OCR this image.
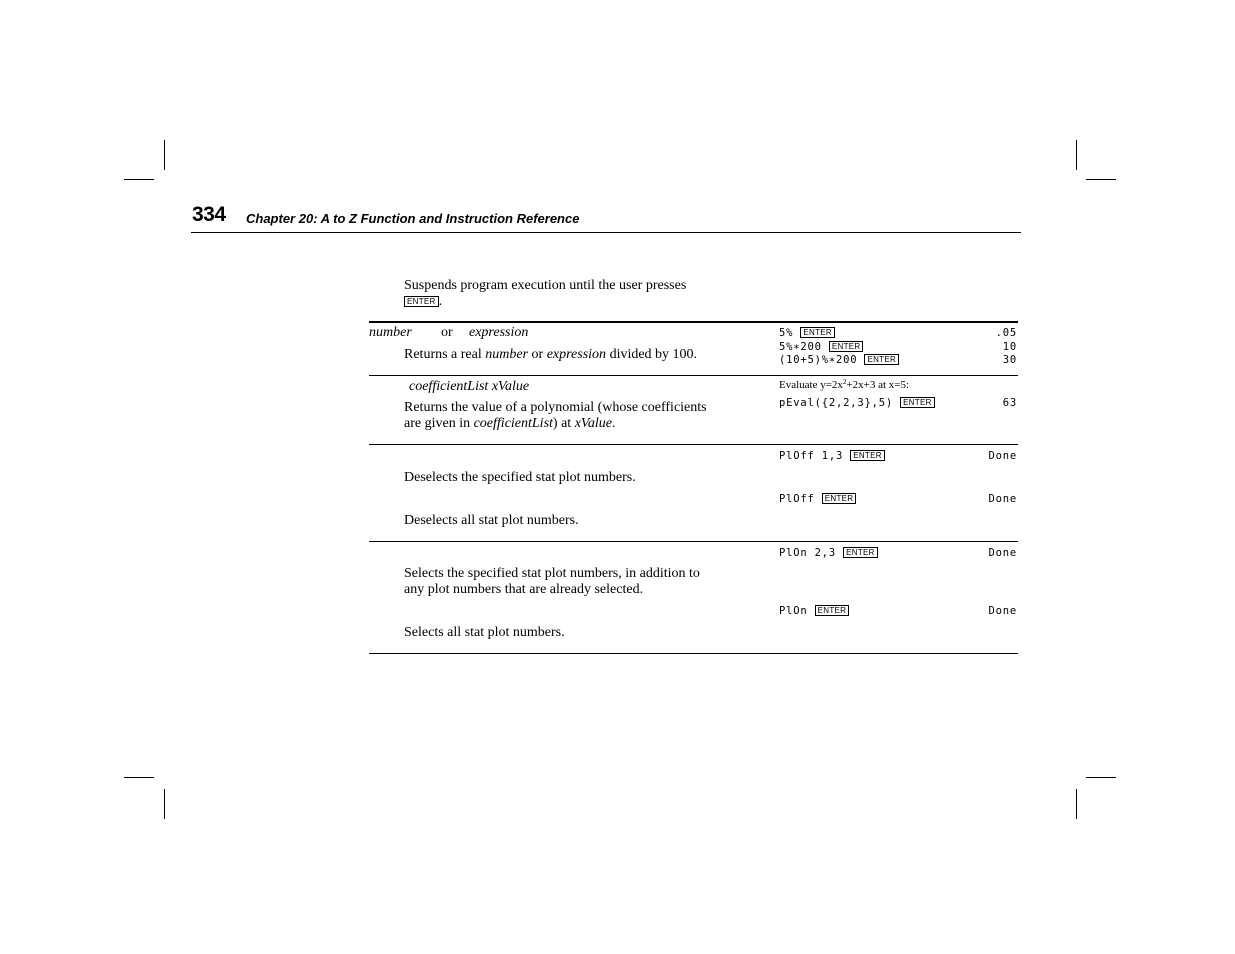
334 Chapter 20: A to Z Function and Instruction Reference
Suspends program execution until the user presses
ENTER .
number or expression
Returns a real number or expression divided by 100.
5% ENTER	.05
5%∗200 ENTER	10
(10+5)%∗200 ENTER	30
coefficientList xValue
Returns the value of a polynomial (whose coefficients
are given in coefficientList) at xValue.
Evaluate $y=2x^2+2x+3$ at x=5:
pEval({2,2,3},5) ENTER	63
PlOff 1,3 ENTER	Done
Deselects the specified stat plot numbers.
PlOff ENTER	Done
Deselects all stat plot numbers.
PlOn 2,3 ENTER	Done
Selects the specified stat plot numbers, in addition to
any plot numbers that are already selected.
PlOn ENTER	Done
Selects all stat plot numbers.
